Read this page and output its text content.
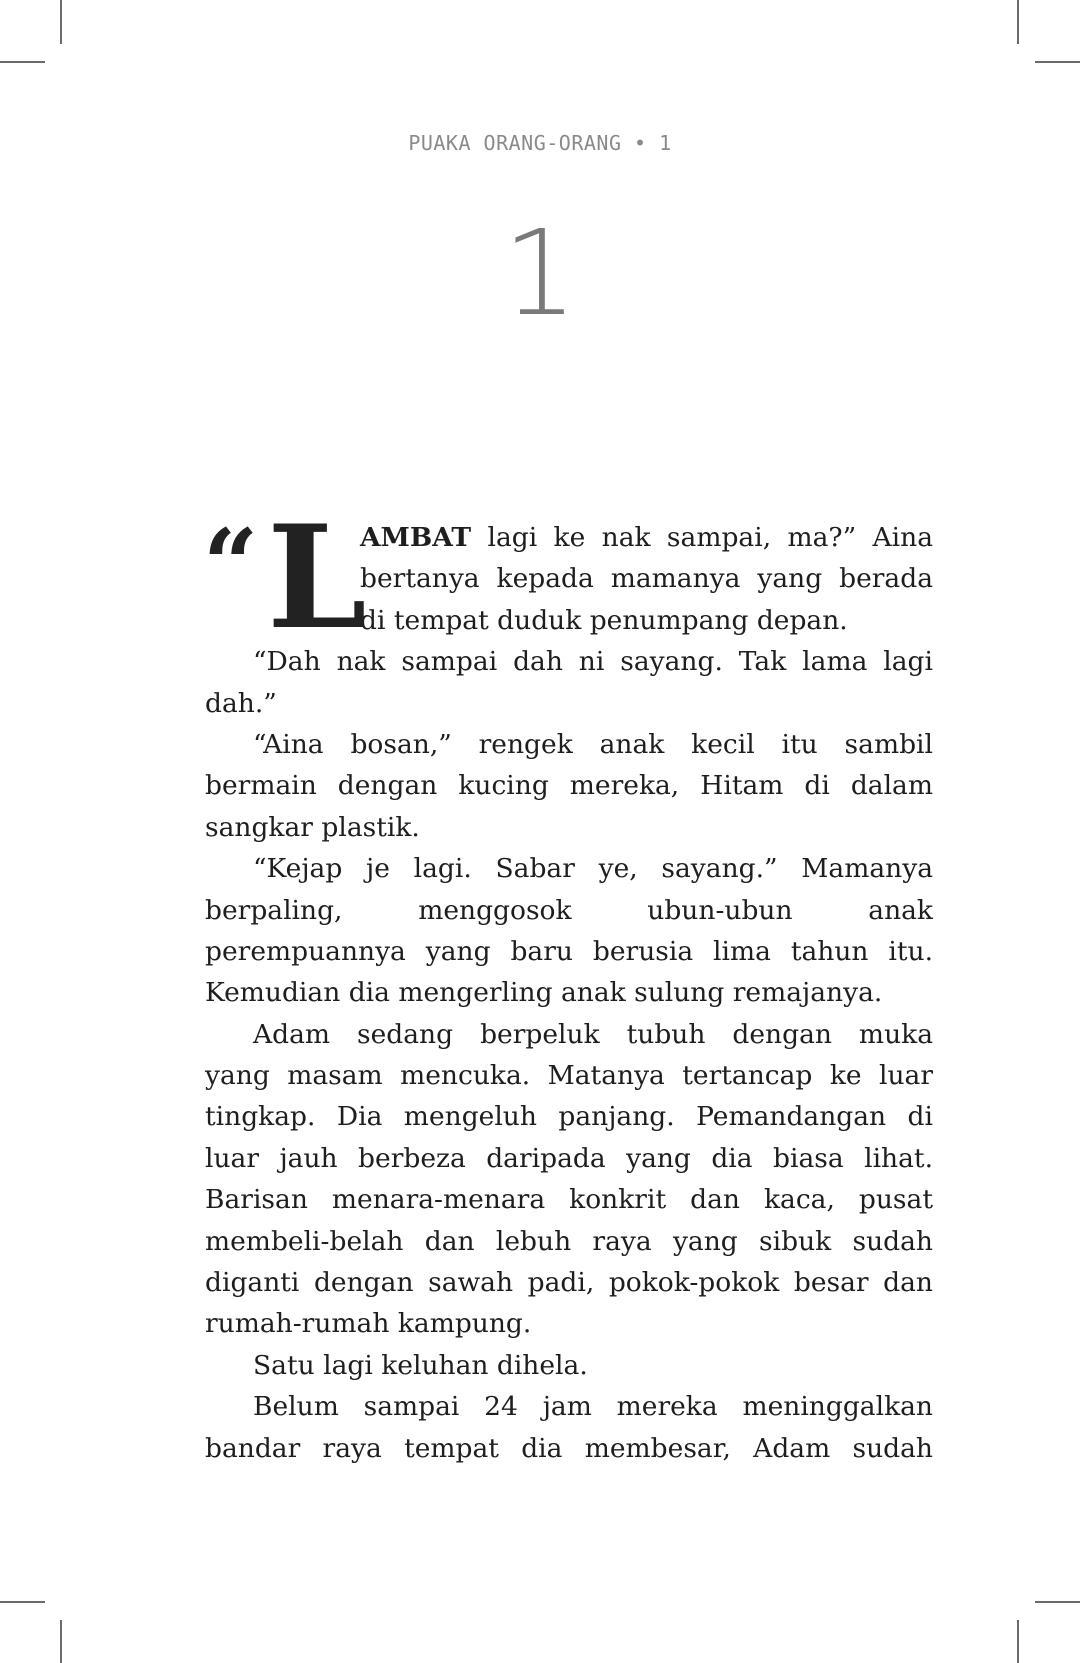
PUAKA ORANG-ORANG • 1
1
“ L
AMBAT lagi ke nak sampai, ma?” Aina
bertanya kepada mamanya yang berada
di tempat duduk penumpang depan.
“Dah nak sampai dah ni sayang. Tak lama lagi
dah.”
“Aina bosan,” rengek anak kecil itu sambil
bermain dengan kucing mereka, Hitam di dalam
sangkar plastik.
“Kejap je lagi. Sabar ye, sayang.” Mamanya
berpaling, menggosok ubun-ubun anak
perempuannya yang baru berusia lima tahun itu.
Kemudian dia mengerling anak sulung remajanya.
Adam sedang berpeluk tubuh dengan muka
yang masam mencuka. Matanya tertancap ke luar
tingkap. Dia mengeluh panjang. Pemandangan di
luar jauh berbeza daripada yang dia biasa lihat.
Barisan menara-menara konkrit dan kaca, pusat
membeli-belah dan lebuh raya yang sibuk sudah
diganti dengan sawah padi, pokok-pokok besar dan
rumah-rumah kampung.
Satu lagi keluhan dihela.
Belum sampai 24 jam mereka meninggalkan
bandar raya tempat dia membesar, Adam sudah
